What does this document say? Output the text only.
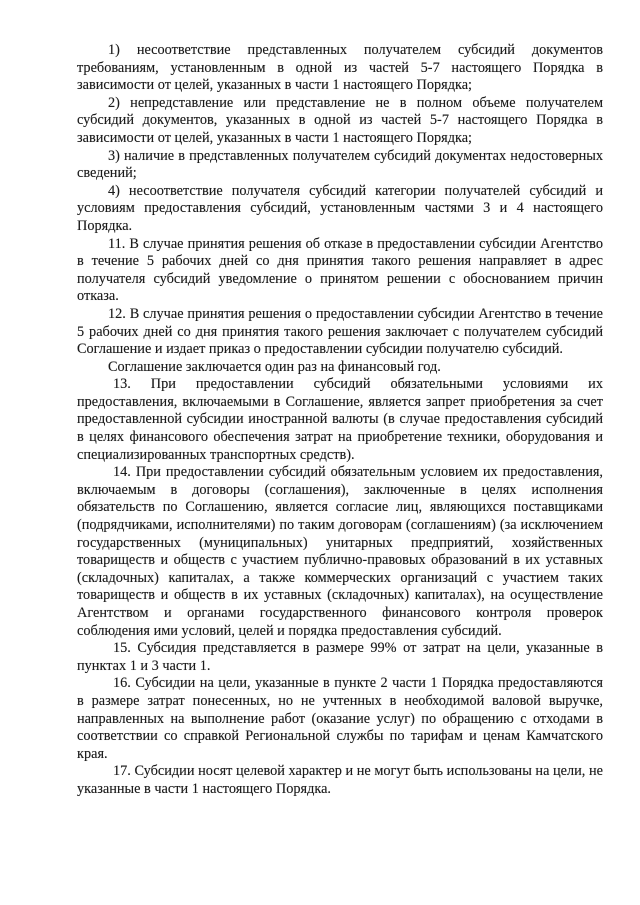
1) несоответствие представленных получателем субсидий документов требованиям, установленным в одной из частей 5-7 настоящего Порядка в зависимости от целей, указанных в части 1 настоящего Порядка;

2) непредставление или представление не в полном объеме получателем субсидий документов, указанных в одной из частей 5-7 настоящего Порядка в зависимости от целей, указанных в части 1 настоящего Порядка;

3) наличие в представленных получателем субсидий документах недостоверных сведений;

4) несоответствие получателя субсидий категории получателей субсидий и условиям предоставления субсидий, установленным частями 3 и 4 настоящего Порядка.

11. В случае принятия решения об отказе в предоставлении субсидии Агентство в течение 5 рабочих дней со дня принятия такого решения направляет в адрес получателя субсидий уведомление о принятом решении с обоснованием причин отказа.

12. В случае принятия решения о предоставлении субсидии Агентство в течение 5 рабочих дней со дня принятия такого решения заключает с получателем субсидий Соглашение и издает приказ о предоставлении субсидии получателю субсидий.

Соглашение заключается один раз на финансовый год.

13. При предоставлении субсидий обязательными условиями их предоставления, включаемыми в Соглашение, является запрет приобретения за счет предоставленной субсидии иностранной валюты (в случае предоставления субсидий в целях финансового обеспечения затрат на приобретение техники, оборудования и специализированных транспортных средств).

14. При предоставлении субсидий обязательным условием их предоставления, включаемым в договоры (соглашения), заключенные в целях исполнения обязательств по Соглашению, является согласие лиц, являющихся поставщиками (подрядчиками, исполнителями) по таким договорам (соглашениям) (за исключением государственных (муниципальных) унитарных предприятий, хозяйственных товариществ и обществ с участием публично-правовых образований в их уставных (складочных) капиталах, а также коммерческих организаций с участием таких товариществ и обществ в их уставных (складочных) капиталах), на осуществление Агентством и органами государственного финансового контроля проверок соблюдения ими условий, целей и порядка предоставления субсидий.

15. Субсидия представляется в размере 99% от затрат на цели, указанные в пунктах 1 и 3 части 1.

16. Субсидии на цели, указанные в пункте 2 части 1 Порядка предоставляются в размере затрат понесенных, но не учтенных в необходимой валовой выручке, направленных на выполнение работ (оказание услуг) по обращению с отходами в соответствии со справкой Региональной службы по тарифам и ценам Камчатского края.

17. Субсидии носят целевой характер и не могут быть использованы на цели, не указанные в части 1 настоящего Порядка.
